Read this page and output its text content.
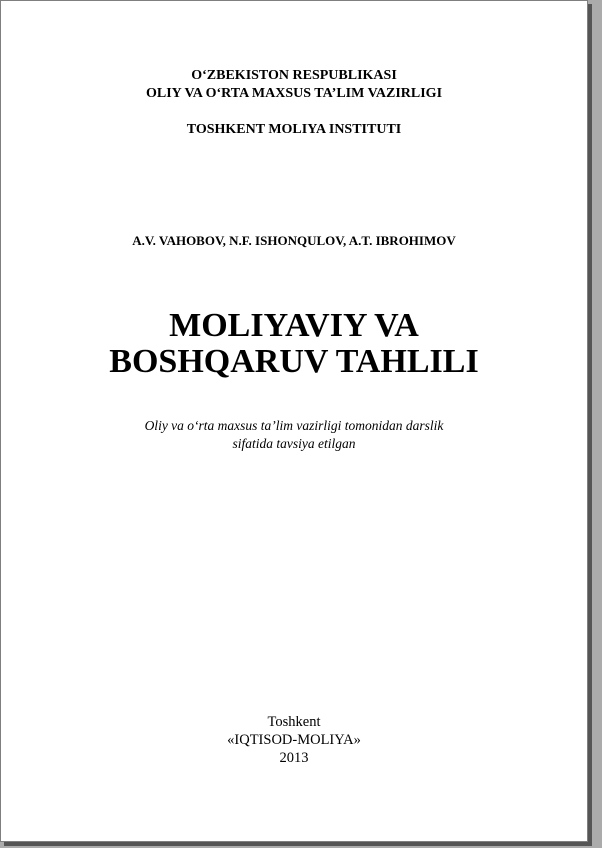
O‘ZBEKISTON RESPUBLIKASI
OLIY VA O‘RTA MAXSUS TA’LIM VAZIRLIGI
TOSHKENT MOLIYA INSTITUTI
A.V. VAHOBOV, N.F. ISHONQULOV, A.T. IBROHIMOV
MOLIYAVIY VA
BOSHQARUV TAHLILI
Oliy va o‘rta maxsus ta’lim vazirligi tomonidan darslik
sifatida tavsiya etilgan
Toshkent
«IQTISOD-MOLIYA»
2013
